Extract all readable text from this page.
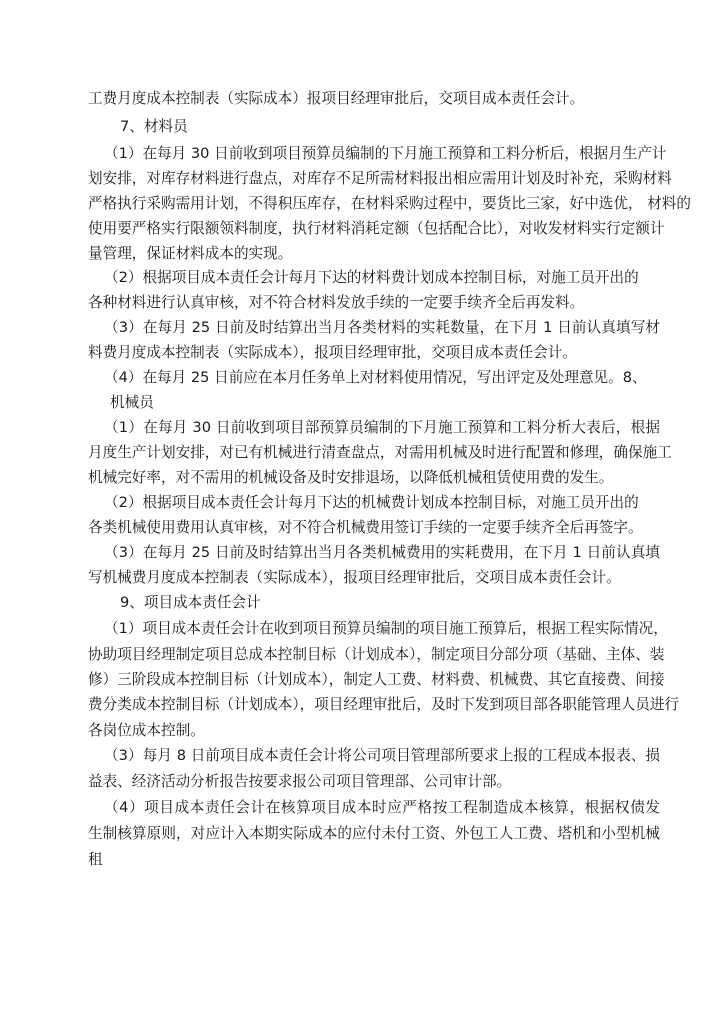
工费月度成本控制表（实际成本）报项目经理审批后，交项目成本责任会计。
7、材料员
（1）在每月 30 日前收到项目预算员编制的下月施工预算和工料分析后，根据月生产计
划安排，对库存材料进行盘点，对库存不足所需材料报出相应需用计划及时补充，采购材料
严格执行采购需用计划，不得积压库存，在材料采购过程中，要货比三家，好中选优， 材料的
使用要严格实行限额领料制度，执行材料消耗定额（包括配合比），对收发材料实行定额计
量管理，保证材料成本的实现。
（2）根据项目成本责任会计每月下达的材料费计划成本控制目标，对施工员开出的
各种材料进行认真审核，对不符合材料发放手续的一定要手续齐全后再发料。
（3）在每月 25 日前及时结算出当月各类材料的实耗数量，在下月 1 日前认真填写材
料费月度成本控制表（实际成本），报项目经理审批，交项目成本责任会计。
（4）在每月 25 日前应在本月任务单上对材料使用情况，写出评定及处理意见。8、
机械员
（1）在每月 30 日前收到项目部预算员编制的下月施工预算和工料分析大表后，根据
月度生产计划安排，对已有机械进行清查盘点，对需用机械及时进行配置和修理，确保施工
机械完好率，对不需用的机械设备及时安排退场，以降低机械租赁使用费的发生。
（2）根据项目成本责任会计每月下达的机械费计划成本控制目标，对施工员开出的
各类机械使用费用认真审核，对不符合机械费用签订手续的一定要手续齐全后再签字。
（3）在每月 25 日前及时结算出当月各类机械费用的实耗费用，在下月 1 日前认真填
写机械费月度成本控制表（实际成本），报项目经理审批后，交项目成本责任会计。
9、项目成本责任会计
（1）项目成本责任会计在收到项目预算员编制的项目施工预算后，根据工程实际情况，
协助项目经理制定项目总成本控制目标（计划成本），制定项目分部分项（基础、主体、装
修）三阶段成本控制目标（计划成本），制定人工费、材料费、机械费、其它直接费、间接
费分类成本控制目标（计划成本），项目经理审批后，及时下发到项目部各职能管理人员进行
各岗位成本控制。
（3）每月 8 日前项目成本责任会计将公司项目管理部所要求上报的工程成本报表、损
益表、经济活动分析报告按要求报公司项目管理部、公司审计部。
（4）项目成本责任会计在核算项目成本时应严格按工程制造成本核算，根据权债发
生制核算原则，对应计入本期实际成本的应付未付工资、外包工人工费、塔机和小型机械
租
